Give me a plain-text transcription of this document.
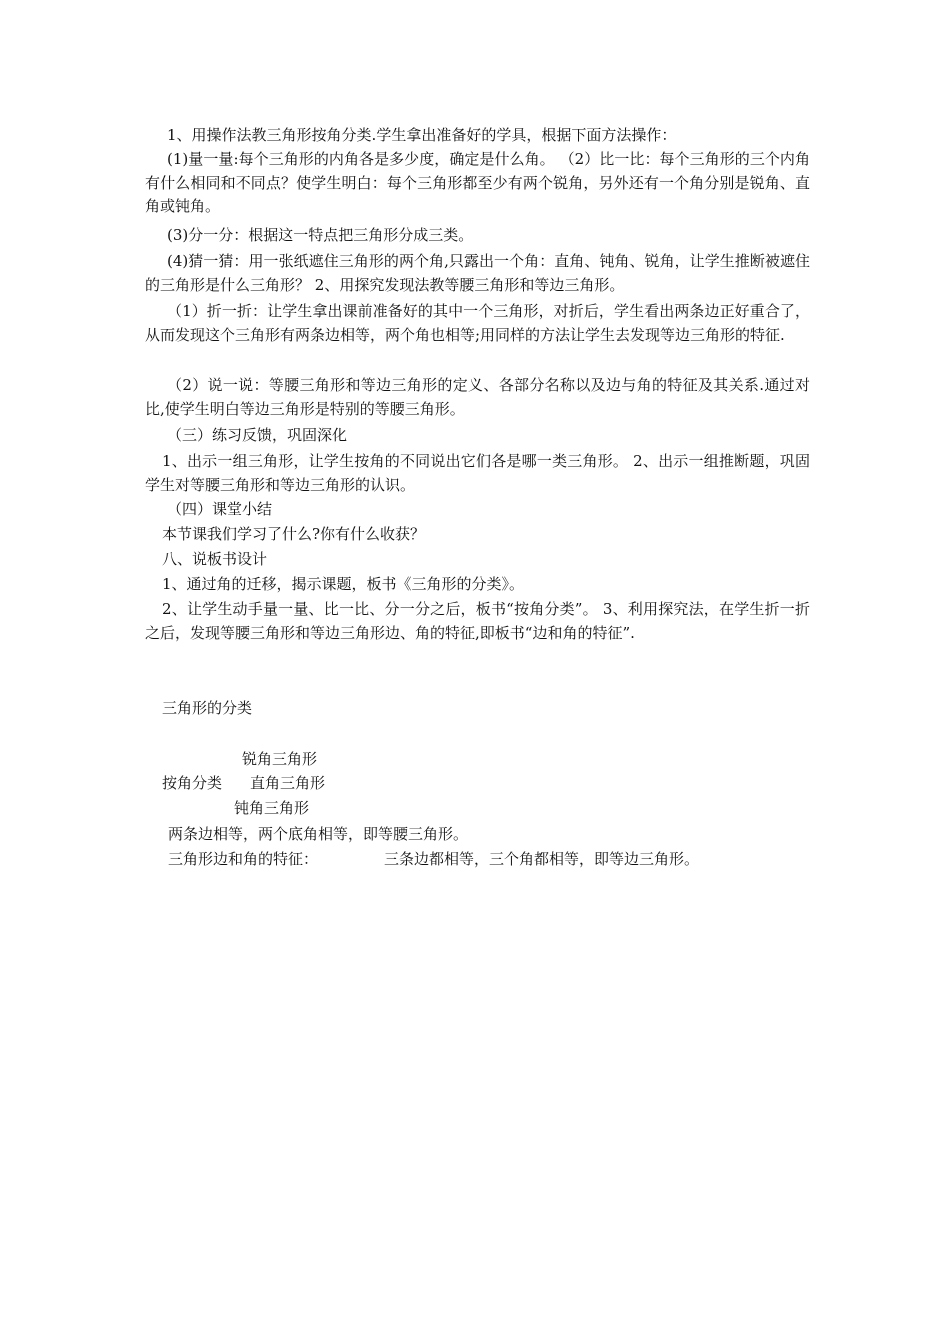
1、用操作法教三角形按角分类.学生拿出准备好的学具，根据下面方法操作：

(1)量一量:每个三角形的内角各是多少度，确定是什么角。 （2）比一比：每个三角形的三个内角有什么相同和不同点？使学生明白：每个三角形都至少有两个锐角，另外还有一个角分别是锐角、直角或钝角。

(3)分一分：根据这一特点把三角形分成三类。

(4)猜一猜：用一张纸遮住三角形的两个角,只露出一个角：直角、钝角、锐角，让学生推断被遮住的三角形是什么三角形？ 2、用探究发现法教等腰三角形和等边三角形。

（1）折一折：让学生拿出课前准备好的其中一个三角形，对折后，学生看出两条边正好重合了，从而发现这个三角形有两条边相等，两个角也相等;用同样的方法让学生去发现等边三角形的特征.

（2）说一说：等腰三角形和等边三角形的定义、各部分名称以及边与角的特征及其关系.通过对比,使学生明白等边三角形是特别的等腰三角形。

（三）练习反馈，巩固深化

1、出示一组三角形，让学生按角的不同说出它们各是哪一类三角形。 2、出示一组推断题，巩固学生对等腰三角形和等边三角形的认识。

（四）课堂小结

本节课我们学习了什么?你有什么收获？

八、说板书设计

1、通过角的迁移，揭示课题，板书《三角形的分类》。

2、让学生动手量一量、比一比、分一分之后，板书“按角分类”。 3、利用探究法，在学生折一折之后，发现等腰三角形和等边三角形边、角的特征,即板书“边和角的特征”.

三角形的分类

锐角三角形

按角分类 直角三角形

钝角三角形

两条边相等，两个底角相等，即等腰三角形。

三角形边和角的特征：	三条边都相等，三个角都相等，即等边三角形。
